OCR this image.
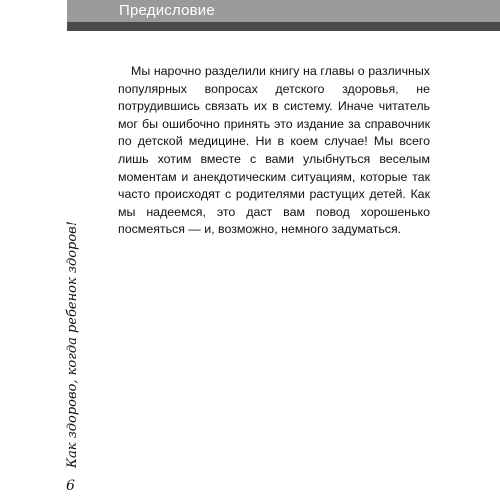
Предисловие

Мы нарочно разделили книгу на главы о различных популярных вопросах детского здоровья, не потрудившись связать их в систему. Иначе читатель мог бы ошибочно принять это издание за справочник по детской медицине. Ни в коем случае! Мы всего лишь хотим вместе с вами улыбнуться веселым моментам и анекдотическим ситуациям, которые так часто происходят с родителями растущих детей. Как мы надеемся, это даст вам повод хорошенько посмеяться — и, возможно, немного задуматься.

Как здорово, когда ребенок здоров!
6
